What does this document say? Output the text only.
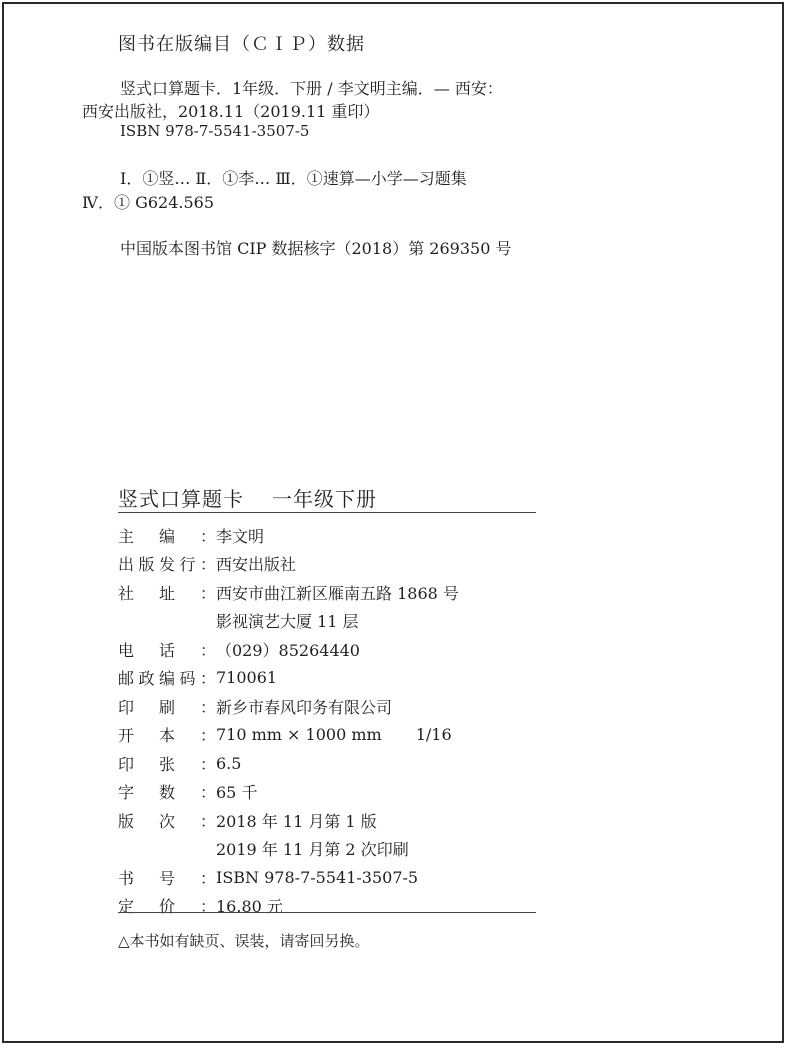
图书在版编目（ＣＩＰ）数据
竖式口算题卡．1年级．下册 / 李文明主编．— 西安：
西安出版社，2018.11（2019.11 重印）
ISBN 978-7-5541-3507-5
Ⅰ．①竖… Ⅱ．①李… Ⅲ．①速算—小学—习题集
Ⅳ．① G624.565
中国版本图书馆 CIP 数据核字（2018）第 269350 号
竖式口算题卡 一年级下册
主 编 ： 李文明
出 版 发 行 ： 西安出版社
社 址 ： 西安市曲江新区雁南五路 1868 号
影视演艺大厦 11 层
电 话 ： （029）85264440
邮 政 编 码 ： 710061
印 刷 ： 新乡市春风印务有限公司
开 本 ： 710 mm × 1000 mm 1/16
印 张 ： 6.5
字 数 ： 65 千
版 次 ： 2018 年 11 月第 1 版
2019 年 11 月第 2 次印刷
书 号 ： ISBN 978-7-5541-3507-5
定 价 ： 16.80 元
△本书如有缺页、误装，请寄回另换。
